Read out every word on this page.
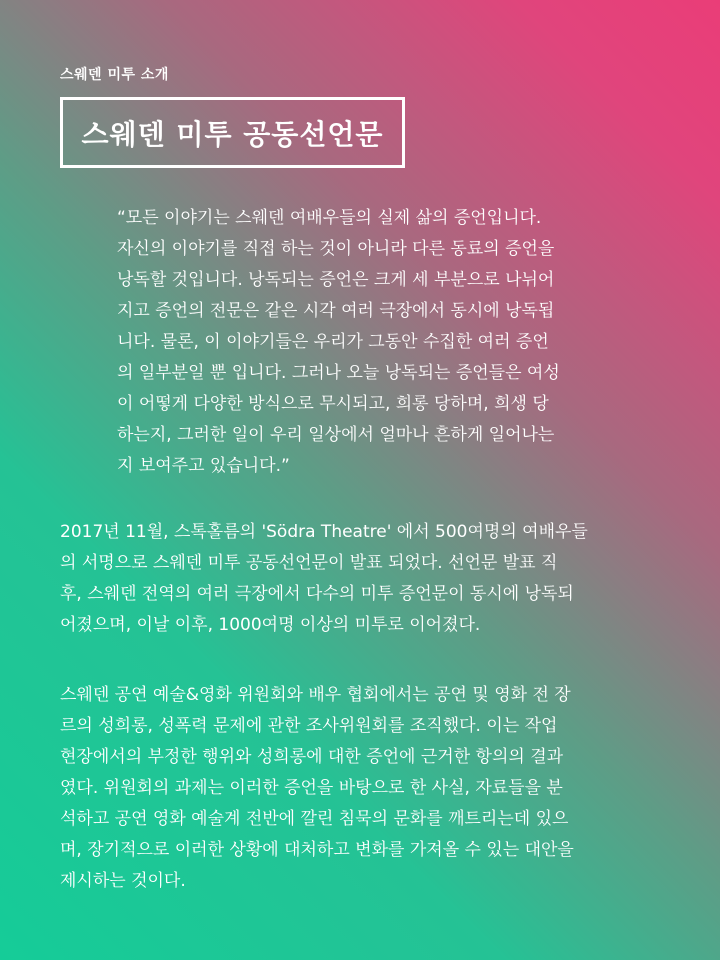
스웨덴 미투 소개
스웨덴 미투 공동선언문

“모든 이야기는 스웨덴 여배우들의 실제 삶의 증언입니다.
자신의 이야기를 직접 하는 것이 아니라 다른 동료의 증언을
낭독할 것입니다. 낭독되는 증언은 크게 세 부분으로 나뉘어
지고 증언의 전문은 같은 시각 여러 극장에서 동시에 낭독됩
니다. 물론, 이 이야기들은 우리가 그동안 수집한 여러 증언
의 일부분일 뿐 입니다. 그러나 오늘 낭독되는 증언들은 여성
이 어떻게 다양한 방식으로 무시되고, 희롱 당하며, 희생 당
하는지, 그러한 일이 우리 일상에서 얼마나 흔하게 일어나는
지 보여주고 있습니다.”

2017년 11월, 스톡홀름의 'Södra Theatre' 에서 500여명의 여배우들
의 서명으로 스웨덴 미투 공동선언문이 발표 되었다. 선언문 발표 직
후, 스웨덴 전역의 여러 극장에서 다수의 미투 증언문이 동시에 낭독되
어졌으며, 이날 이후, 1000여명 이상의 미투로 이어졌다.

스웨덴 공연 예술&영화 위원회와 배우 협회에서는 공연 및 영화 전 장
르의 성희롱, 성폭력 문제에 관한 조사위원회를 조직했다. 이는 작업
현장에서의 부정한 행위와 성희롱에 대한 증언에 근거한 항의의 결과
였다. 위원회의 과제는 이러한 증언을 바탕으로 한 사실, 자료들을 분
석하고 공연 영화 예술계 전반에 깔린 침묵의 문화를 깨트리는데 있으
며, 장기적으로 이러한 상황에 대처하고 변화를 가져올 수 있는 대안을
제시하는 것이다.
